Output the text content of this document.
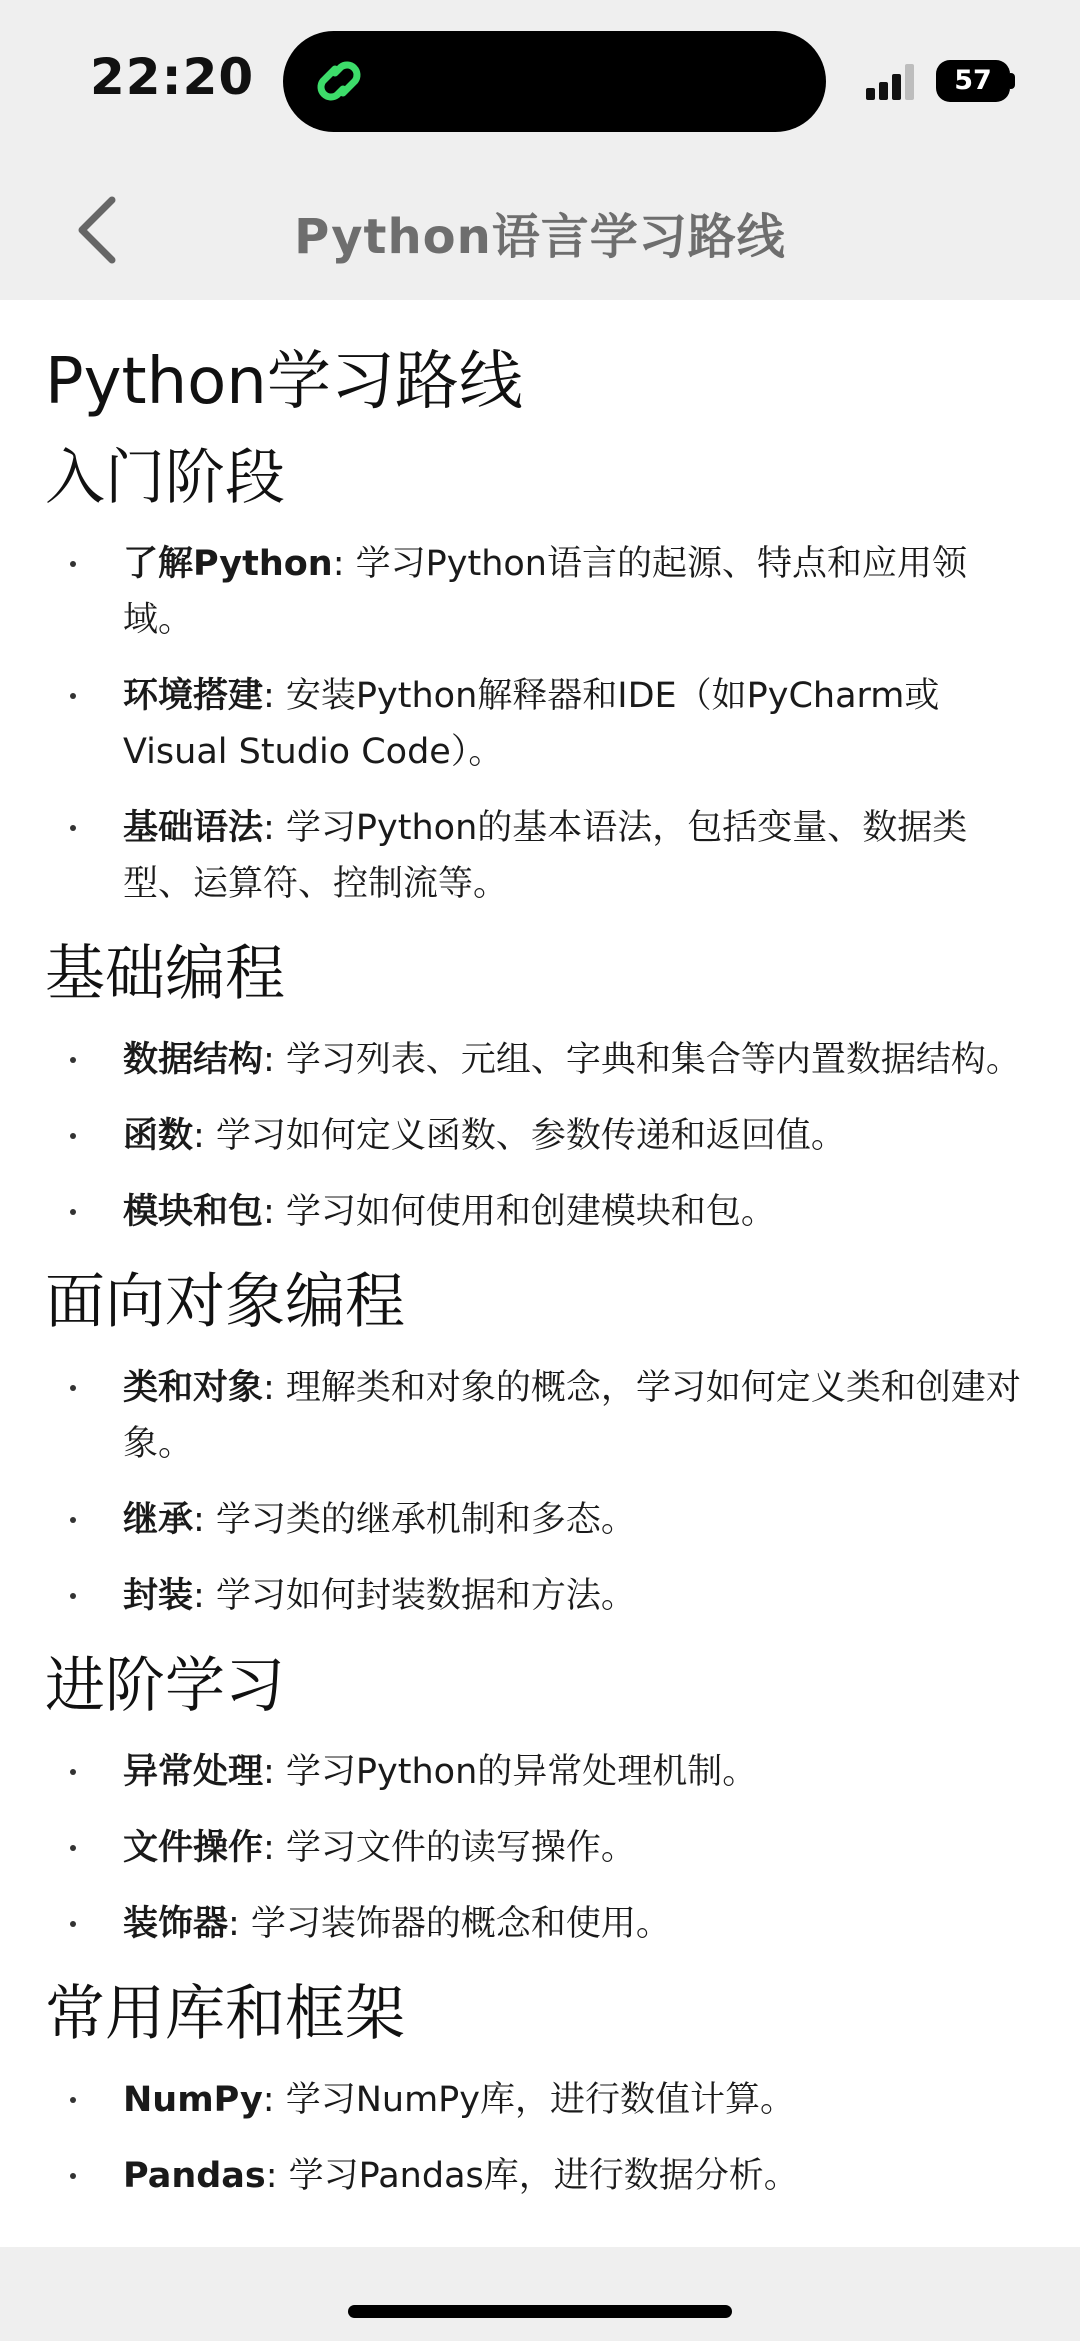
22:20	57
Python语言学习路线
Python学习路线
入门阶段
了解Python: 学习Python语言的起源、特点和应用领域。
环境搭建: 安装Python解释器和IDE（如PyCharm或Visual Studio Code）。
基础语法: 学习Python的基本语法，包括变量、数据类型、运算符、控制流等。
基础编程
数据结构: 学习列表、元组、字典和集合等内置数据结构。
函数: 学习如何定义函数、参数传递和返回值。
模块和包: 学习如何使用和创建模块和包。
面向对象编程
类和对象: 理解类和对象的概念，学习如何定义类和创建对象。
继承: 学习类的继承机制和多态。
封装: 学习如何封装数据和方法。
进阶学习
异常处理: 学习Python的异常处理机制。
文件操作: 学习文件的读写操作。
装饰器: 学习装饰器的概念和使用。
常用库和框架
NumPy: 学习NumPy库，进行数值计算。
Pandas: 学习Pandas库，进行数据分析。
